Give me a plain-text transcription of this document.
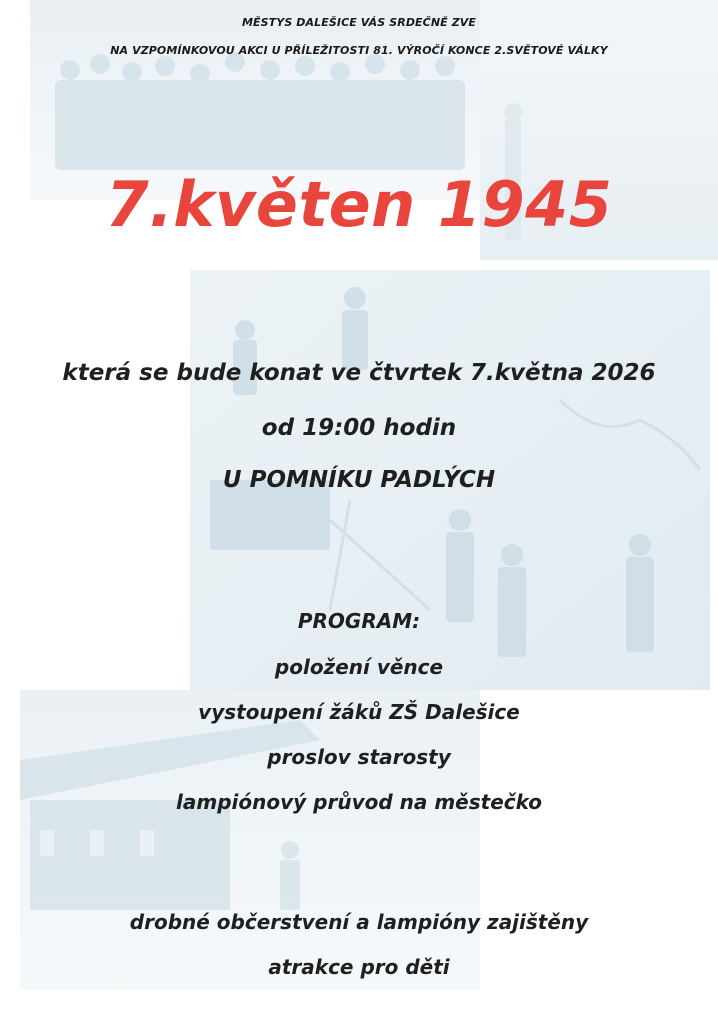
MĚSTYS DALEŠICE VÁS SRDEČNĚ ZVE
NA VZPOMÍNKOVOU AKCI U PŘÍLEŽITOSTI 81. VÝROČÍ KONCE 2.SVĚTOVÉ VÁLKY
7.květen 1945
která se bude konat ve čtvrtek 7.května 2026
od 19:00 hodin
U POMNÍKU PADLÝCH
PROGRAM:
položení věnce
vystoupení žáků ZŠ Dalešice
proslov starosty
lampiónový průvod na městečko
drobné občerstvení a lampióny zajištěny
atrakce pro děti
